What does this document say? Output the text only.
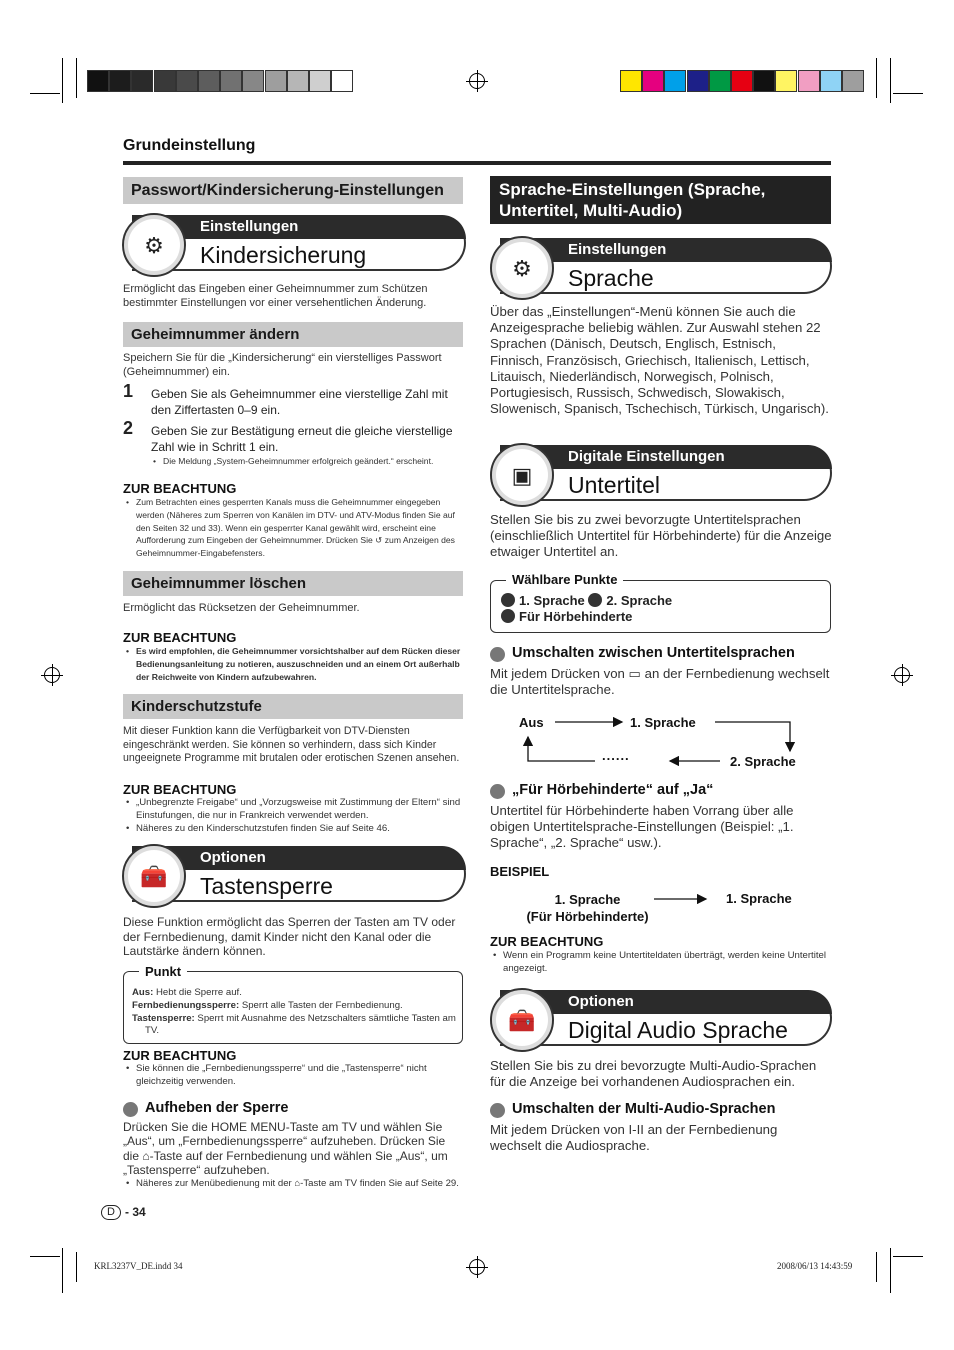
Grundeinstellung
Passwort/Kindersicherung-Einstellungen
Einstellungen
Kindersicherung
⚙
Ermöglicht das Eingeben einer Geheimnummer zum Schützen bestimmter Einstellungen vor einer versehentlichen Änderung.
Geheimnummer ändern
Speichern Sie für die „Kindersicherung“ ein vierstelliges Passwort (Geheimnummer) ein.
1 Geben Sie als Geheimnummer eine vierstellige Zahl mit den Ziffertasten 0–9 ein.
2 Geben Sie zur Bestätigung erneut die gleiche vierstellige Zahl wie in Schritt 1 ein.
• Die Meldung „System-Geheimnummer erfolgreich geändert.“ erscheint.
ZUR BEACHTUNG
• Zum Betrachten eines gesperrten Kanals muss die Geheimnummer eingegeben werden (Näheres zum Sperren von Kanälen im DTV- und ATV-Modus finden Sie auf den Seiten 32 und 33). Wenn ein gesperrter Kanal gewählt wird, erscheint eine Aufforderung zum Eingeben der Geheimnummer. Drücken Sie ↺ zum Anzeigen des Geheimnummer-Eingabefensters.
Geheimnummer löschen
Ermöglicht das Rücksetzen der Geheimnummer.
ZUR BEACHTUNG
• Es wird empfohlen, die Geheimnummer vorsichtshalber auf dem Rücken dieser Bedienungsanleitung zu notieren, auszuschneiden und an einem Ort außerhalb der Reichweite von Kindern aufzubewahren.
Kinderschutzstufe
Mit dieser Funktion kann die Verfügbarkeit von DTV-Diensten eingeschränkt werden. Sie können so verhindern, dass sich Kinder ungeeignete Programme mit brutalen oder erotischen Szenen ansehen.
ZUR BEACHTUNG
• „Unbegrenzte Freigabe“ und „Vorzugsweise mit Zustimmung der Eltern“ sind Einstufungen, die nur in Frankreich verwendet werden.
• Näheres zu den Kinderschutzstufen finden Sie auf Seite 46.
Optionen
Tastensperre
🧰
Diese Funktion ermöglicht das Sperren der Tasten am TV oder der Fernbedienung, damit Kinder nicht den Kanal oder die Lautstärke ändern können.
Punkt
Aus: Hebt die Sperre auf.
Fernbedienungssperre: Sperrt alle Tasten der Fernbedienung.
Tastensperre: Sperrt mit Ausnahme des Netzschalters sämtliche Tasten am TV.
ZUR BEACHTUNG
• Sie können die „Fernbedienungssperre“ und die „Tastensperre“ nicht gleichzeitig verwenden.
Aufheben der Sperre
Drücken Sie die HOME MENU-Taste am TV und wählen Sie „Aus“, um „Fernbedienungssperre“ aufzuheben. Drücken Sie die ⌂-Taste auf der Fernbedienung und wählen Sie „Aus“, um „Tastensperre“ aufzuheben.
• Näheres zur Menübedienung mit der ⌂-Taste am TV finden Sie auf Seite 29.
D - 34
KRL3237V_DE.indd 34	2008/06/13 14:43:59
Sprache-Einstellungen (Sprache, Untertitel, Multi-Audio)
Einstellungen
Sprache
⚙
Über das „Einstellungen“-Menü können Sie auch die Anzeigesprache beliebig wählen. Zur Auswahl stehen 22 Sprachen (Dänisch, Deutsch, Englisch, Estnisch, Finnisch, Französisch, Griechisch, Italienisch, Lettisch, Litauisch, Niederländisch, Norwegisch, Polnisch, Portugiesisch, Russisch, Schwedisch, Slowakisch, Slowenisch, Spanisch, Tschechisch, Türkisch, Ungarisch).
Digitale Einstellungen
Untertitel
▣
Stellen Sie bis zu zwei bevorzugte Untertitelsprachen (einschließlich Untertitel für Hörbehinderte) für die Anzeige etwaiger Untertitel an.
Wählbare Punkte
1. Sprache 2. Sprache
Für Hörbehinderte
Umschalten zwischen Untertitelsprachen
Mit jedem Drücken von ▭ an der Fernbedienung wechselt die Untertitelsprache.
Aus	1. Sprache
2. Sprache
......
„Für Hörbehinderte“ auf „Ja“
Untertitel für Hörbehinderte haben Vorrang über alle obigen Untertitelsprache-Einstellungen (Beispiel: „1. Sprache“, „2. Sprache“ usw.).
BEISPIEL
1. Sprache
(Für Hörbehinderte)
1. Sprache
ZUR BEACHTUNG
• Wenn ein Programm keine Untertiteldaten überträgt, werden keine Untertitel angezeigt.
Optionen
Digital Audio Sprache
🧰
Stellen Sie bis zu drei bevorzugte Multi-Audio-Sprachen für die Anzeige bei vorhandenen Audiosprachen ein.
Umschalten der Multi-Audio-Sprachen
Mit jedem Drücken von I-II an der Fernbedienung wechselt die Audiosprache.
